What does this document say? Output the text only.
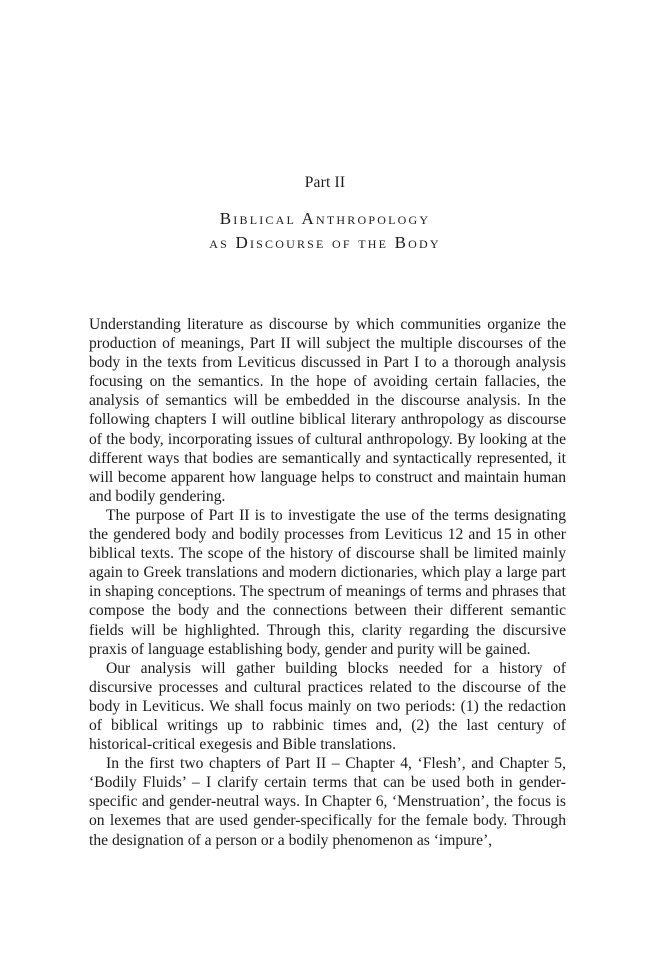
Part II
Biblical Anthropology
as Discourse of the Body

Understanding literature as discourse by which communities organize the production of meanings, Part II will subject the multiple discourses of the body in the texts from Leviticus discussed in Part I to a thorough analysis focusing on the semantics. In the hope of avoiding certain fallacies, the analysis of semantics will be embedded in the discourse analysis. In the following chapters I will outline biblical literary anthropology as discourse of the body, incorporating issues of cultural anthropology. By looking at the different ways that bodies are semantically and syntactically represented, it will become apparent how language helps to construct and maintain human and bodily gendering.

The purpose of Part II is to investigate the use of the terms designating the gendered body and bodily processes from Leviticus 12 and 15 in other biblical texts. The scope of the history of discourse shall be limited mainly again to Greek translations and modern dictionaries, which play a large part in shaping conceptions. The spectrum of meanings of terms and phrases that compose the body and the connections between their different semantic fields will be highlighted. Through this, clarity regarding the discursive praxis of language establishing body, gender and purity will be gained.

Our analysis will gather building blocks needed for a history of discursive processes and cultural practices related to the discourse of the body in Leviticus. We shall focus mainly on two periods: (1) the redaction of biblical writings up to rabbinic times and, (2) the last century of historical-critical exegesis and Bible translations.

In the first two chapters of Part II – Chapter 4, ‘Flesh’, and Chapter 5, ‘Bodily Fluids’ – I clarify certain terms that can be used both in gender-specific and gender-neutral ways. In Chapter 6, ‘Menstruation’, the focus is on lexemes that are used gender-specifically for the female body. Through the designation of a person or a bodily phenomenon as ‘impure’,
